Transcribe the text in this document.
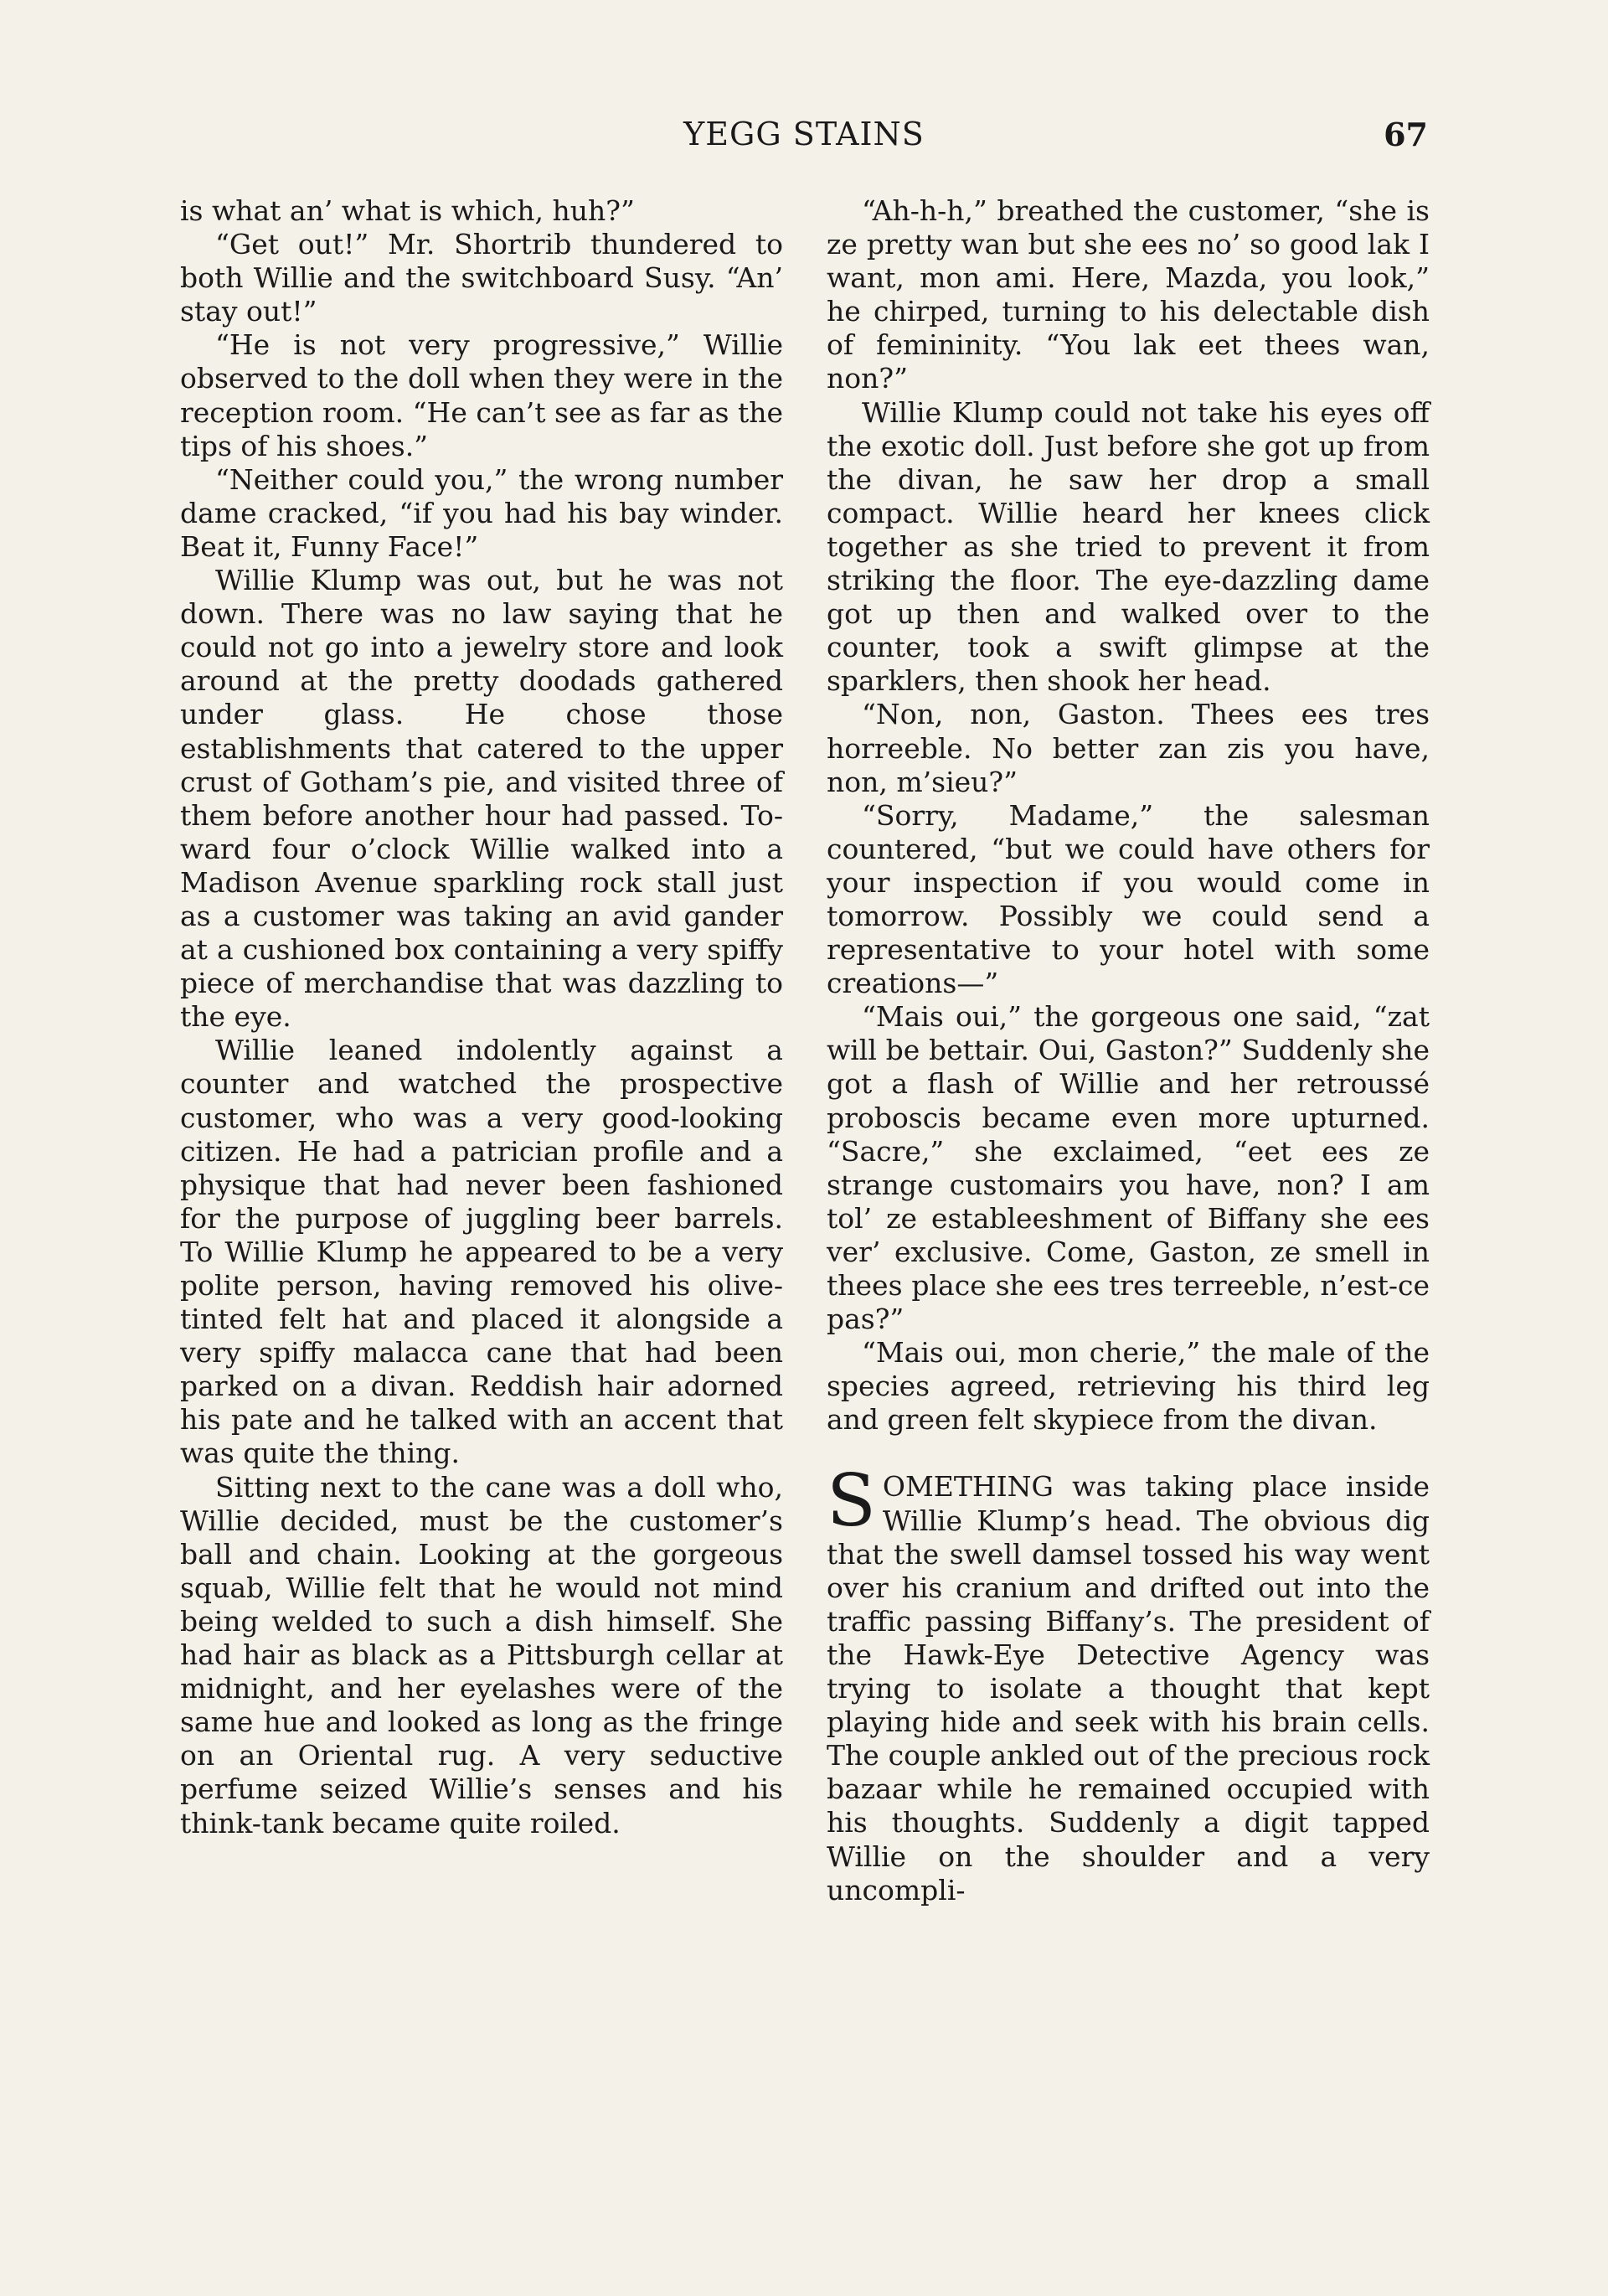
YEGG STAINS	67

is what an’ what is which, huh?”

“Get out!” Mr. Shortrib thundered to both Willie and the switchboard Susy. “An’ stay out!”

“He is not very progressive,” Willie observed to the doll when they were in the reception room. “He can’t see as far as the tips of his shoes.”

“Neither could you,” the wrong number dame cracked, “if you had his bay winder. Beat it, Funny Face!”

Willie Klump was out, but he was not down. There was no law saying that he could not go into a jewelry store and look around at the pretty doodads gathered under glass. He chose those establishments that catered to the upper crust of Gotham’s pie, and visited three of them before another hour had passed. Toward four o’clock Willie walked into a Madison Avenue sparkling rock stall just as a customer was taking an avid gander at a cushioned box containing a very spiffy piece of merchandise that was dazzling to the eye.

Willie leaned indolently against a counter and watched the prospective customer, who was a very good-looking citizen. He had a patrician profile and a physique that had never been fashioned for the purpose of juggling beer barrels. To Willie Klump he appeared to be a very polite person, having removed his olive-tinted felt hat and placed it alongside a very spiffy malacca cane that had been parked on a divan. Reddish hair adorned his pate and he talked with an accent that was quite the thing.

Sitting next to the cane was a doll who, Willie decided, must be the customer’s ball and chain. Looking at the gorgeous squab, Willie felt that he would not mind being welded to such a dish himself. She had hair as black as a Pittsburgh cellar at midnight, and her eyelashes were of the same hue and looked as long as the fringe on an Oriental rug. A very seductive perfume seized Willie’s senses and his think-tank became quite roiled.

“Ah-h-h,” breathed the customer, “she is ze pretty wan but she ees no’ so good lak I want, mon ami. Here, Mazda, you look,” he chirped, turning to his delectable dish of femininity. “You lak eet thees wan, non?”

Willie Klump could not take his eyes off the exotic doll. Just before she got up from the divan, he saw her drop a small compact. Willie heard her knees click together as she tried to prevent it from striking the floor. The eye-dazzling dame got up then and walked over to the counter, took a swift glimpse at the sparklers, then shook her head.

“Non, non, Gaston. Thees ees tres horreeble. No better zan zis you have, non, m’sieu?”

“Sorry, Madame,” the salesman countered, “but we could have others for your inspection if you would come in tomorrow. Possibly we could send a representative to your hotel with some creations—”

“Mais oui,” the gorgeous one said, “zat will be bettair. Oui, Gaston?” Suddenly she got a flash of Willie and her retroussé proboscis became even more upturned. “Sacre,” she exclaimed, “eet ees ze strange customairs you have, non? I am tol’ ze estableeshment of Biffany she ees ver’ exclusive. Come, Gaston, ze smell in thees place she ees tres terreeble, n’est-ce pas?”

“Mais oui, mon cherie,” the male of the species agreed, retrieving his third leg and green felt skypiece from the divan.

SOMETHING was taking place inside Willie Klump’s head. The obvious dig that the swell damsel tossed his way went over his cranium and drifted out into the traffic passing Biffany’s. The president of the Hawk-Eye Detective Agency was trying to isolate a thought that kept playing hide and seek with his brain cells. The couple ankled out of the precious rock bazaar while he remained occupied with his thoughts. Suddenly a digit tapped Willie on the shoulder and a very uncompli-
